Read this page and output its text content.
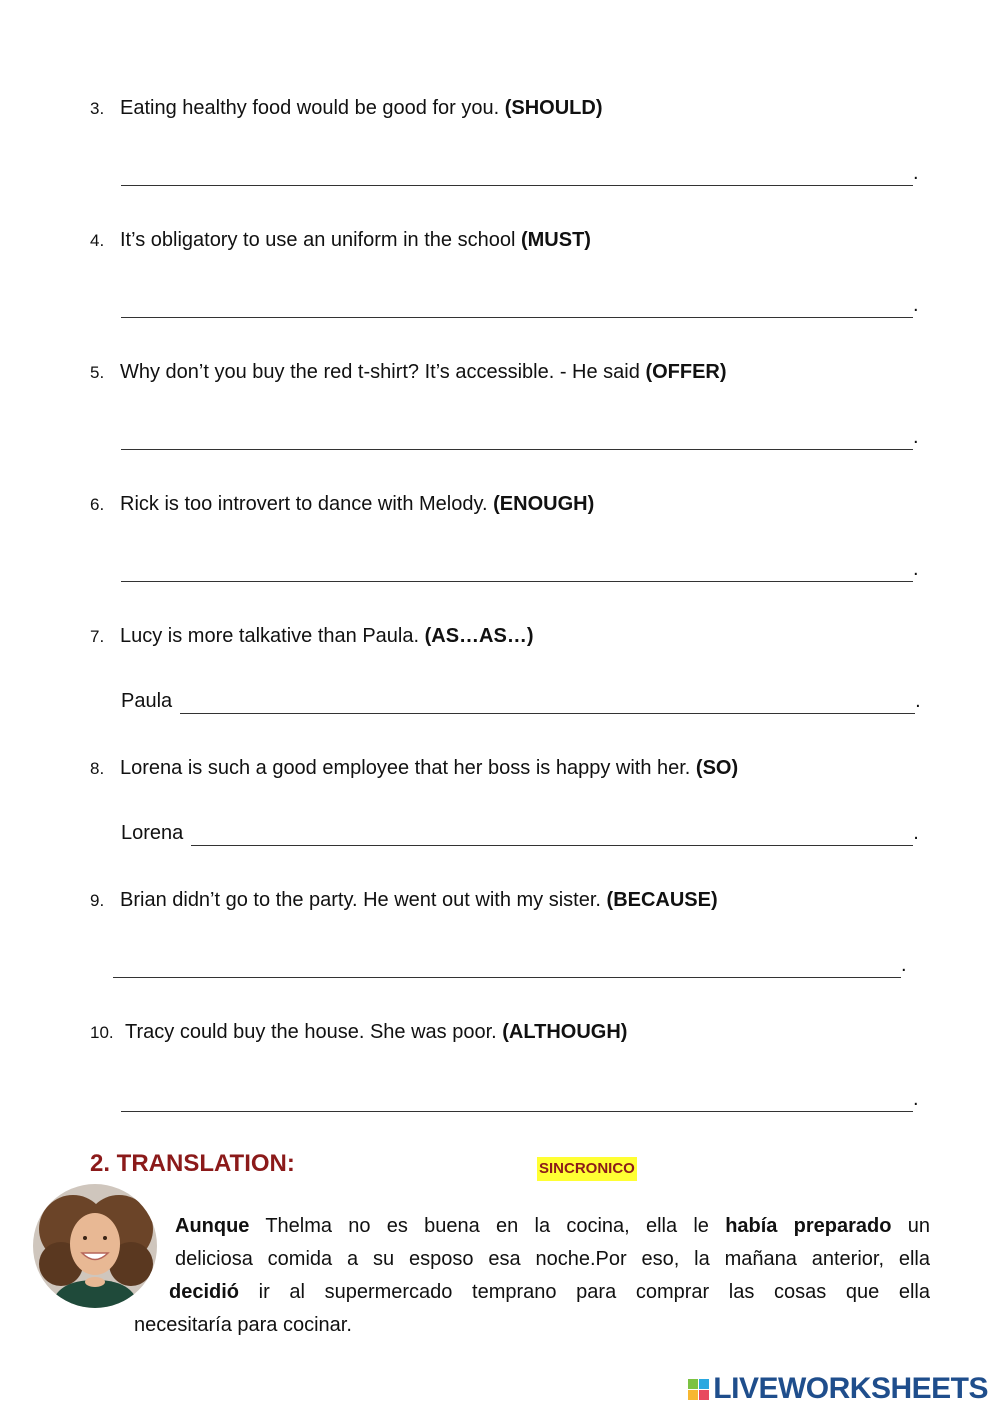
3. Eating healthy food would be good for you. (SHOULD)
.
4. It’s obligatory to use an uniform in the school (MUST)
.
5. Why don’t you buy the red t-shirt? It’s accessible. - He said (OFFER)
.
6. Rick is too introvert to dance with Melody. (ENOUGH)
.
7. Lucy is more talkative than Paula. (AS…AS…)
Paula	.
8. Lorena is such a good employee that her boss is happy with her. (SO)
Lorena	.
9. Brian didn’t go to the party. He went out with my sister. (BECAUSE)
.
10. Tracy could buy the house. She was poor. (ALTHOUGH)
.
2. TRANSLATION:	SINCRONICO
Aunque Thelma no es buena en la cocina, ella le había preparado un
deliciosa comida a su esposo esa noche.Por eso, la mañana anterior, ella
decidió ir al supermercado temprano para comprar las cosas que ella
necesitaría para cocinar.
LIVEWORKSHEETS
